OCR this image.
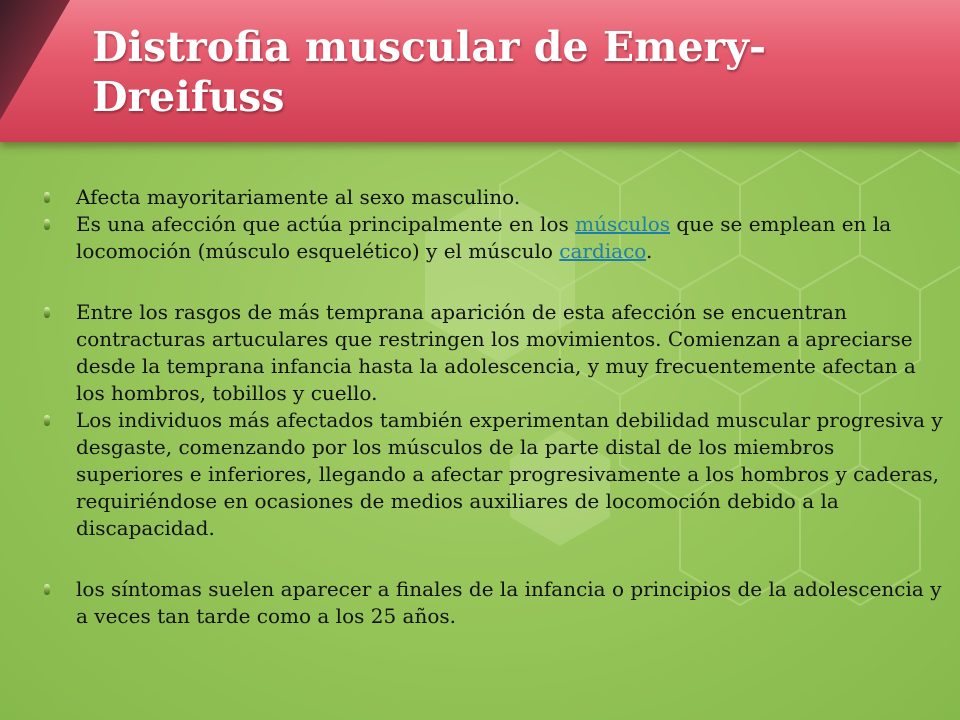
Distrofia muscular de Emery-Dreifuss

Afecta mayoritariamente al sexo masculino.

Es una afección que actúa principalmente en los músculos que se emplean en la locomoción (músculo esquelético) y el músculo cardiaco.

Entre los rasgos de más temprana aparición de esta afección se encuentran contracturas artuculares que restringen los movimientos. Comienzan a apreciarse desde la temprana infancia hasta la adolescencia, y muy frecuentemente afectan a los hombros, tobillos y cuello.

Los individuos más afectados también experimentan debilidad muscular progresiva y desgaste, comenzando por los músculos de la parte distal de los miembros superiores e inferiores, llegando a afectar progresivamente a los hombros y caderas, requiriéndose en ocasiones de medios auxiliares de locomoción debido a la discapacidad.

los síntomas suelen aparecer a finales de la infancia o principios de la adolescencia y a veces tan tarde como a los 25 años.
